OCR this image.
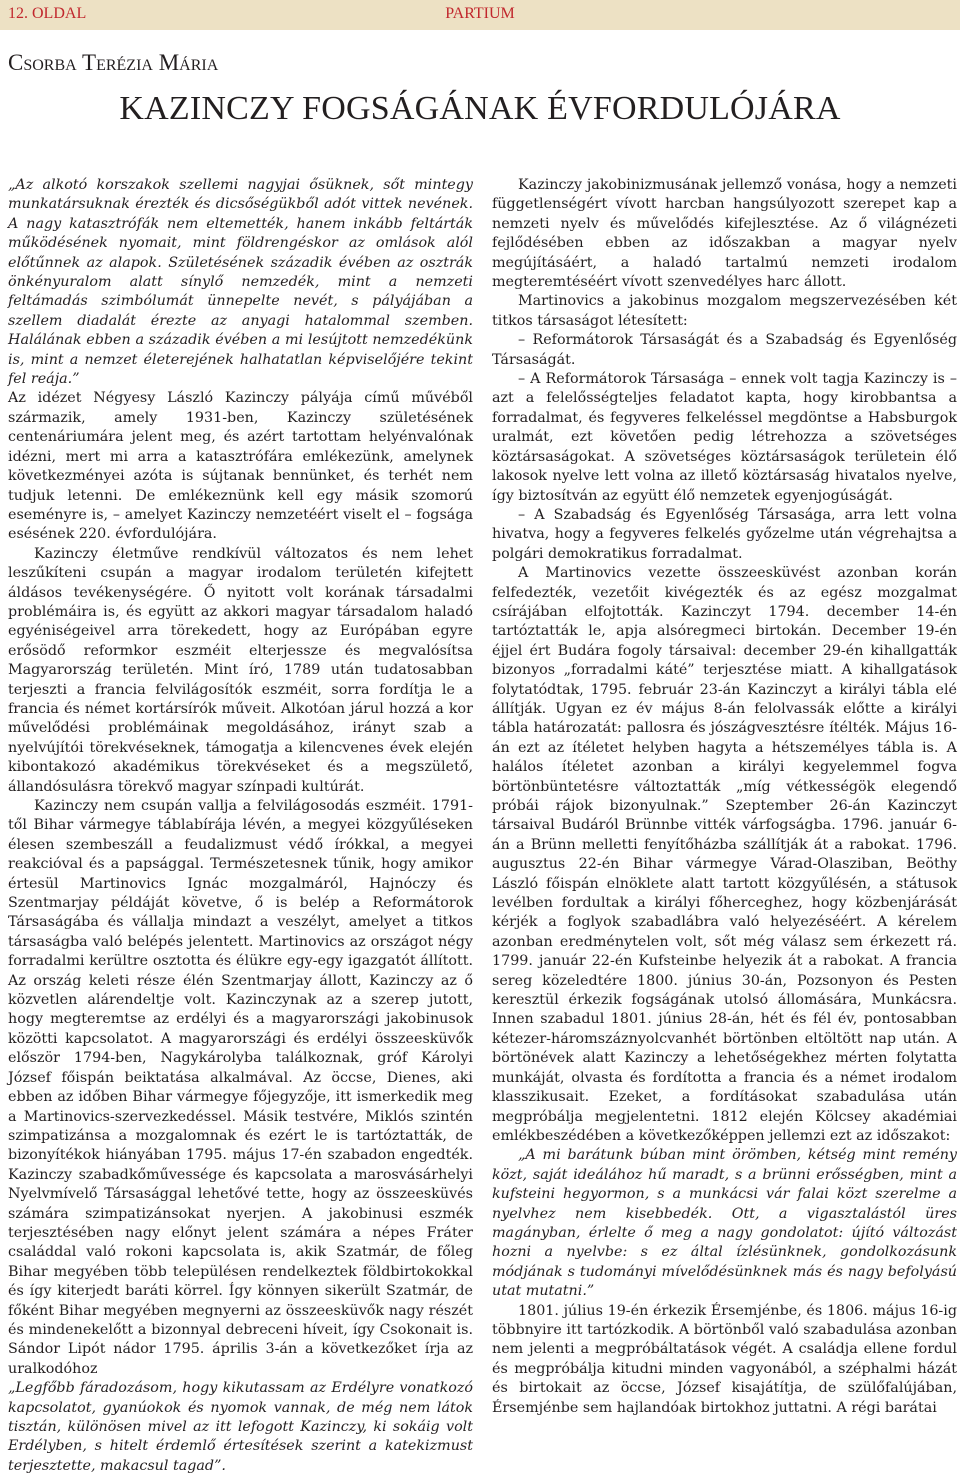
12. OLDAL	PARTIUM
Csorba Terézia Mária
KAZINCZY FOGSÁGÁNAK ÉVFORDULÓJÁRA

„Az alkotó korszakok szellemi nagyjai ősüknek, sőt mintegy munkatársuknak érezték és dicsőségükből adót vittek nevének. A nagy katasztrófák nem eltemették, hanem inkább feltárták működésének nyomait, mint földrengéskor az omlások alól előtűnnek az alapok. Születésének századik évében az osztrák önkényuralom alatt sínylő nemzedék, mint a nemzeti feltámadás szimbólumát ünnepelte nevét, s pályájában a szellem diadalát érezte az anyagi hatalommal szemben. Halálának ebben a századik évében a mi lesújtott nemzedékünk is, mint a nemzet életerejének halhatatlan képviselőjére tekint fel reája.”

Az idézet Négyesy László Kazinczy pályája című művéből származik, amely 1931-ben, Kazinczy születésének centenáriumára jelent meg, és azért tartottam helyénvalónak idézni, mert mi arra a katasztrófára emlékezünk, amelynek következményei azóta is sújtanak bennünket, és terhét nem tudjuk letenni. De emlékeznünk kell egy másik szomorú eseményre is, – amelyet Kazinczy nemzetéért viselt el – fogsága esésének 220. évfordulójára.

Kazinczy életműve rendkívül változatos és nem lehet leszűkíteni csupán a magyar irodalom területén kifejtett áldásos tevékenységére. Ő nyitott volt korának társadalmi problémáira is, és együtt az akkori magyar társadalom haladó egyéniségeivel arra törekedett, hogy az Európában egyre erősödő reformkor eszméit elterjessze és megvalósítsa Magyarország területén. Mint író, 1789 után tudatosabban terjeszti a francia felvilágosítók eszméit, sorra fordítja le a francia és német kortársírók műveit. Alkotóan járul hozzá a kor művelődési problémáinak megoldásához, irányt szab a nyelvújítói törekvéseknek, támogatja a kilencvenes évek elején kibontakozó akadémikus törekvéseket és a megszülető, állandósulásra törekvő magyar színpadi kultúrát.

Kazinczy nem csupán vallja a felvilágosodás eszméit. 1791-től Bihar vármegye táblabírája lévén, a megyei közgyűléseken élesen szembeszáll a feudalizmust védő írókkal, a megyei reakcióval és a papsággal. Természetesnek tűnik, hogy amikor értesül Martinovics Ignác mozgalmáról, Hajnóczy és Szentmarjay példáját követve, ő is belép a Reformátorok Társaságába és vállalja mindazt a veszélyt, amelyet a titkos társaságba való belépés jelentett. Martinovics az országot négy forradalmi kerültre osztotta és élükre egy-egy igazgatót állított. Az ország keleti része élén Szentmarjay állott, Kazinczy az ő közvetlen alárendeltje volt. Kazinczynak az a szerep jutott, hogy megteremtse az erdélyi és a magyarországi jakobinusok közötti kapcsolatot. A magyarországi és erdélyi összeesküvők először 1794-ben, Nagykárolyba találkoznak, gróf Károlyi József főispán beiktatása alkalmával. Az öccse, Dienes, aki ebben az időben Bihar vármegye főjegyzője, itt ismerkedik meg a Martinovics-szervezkedéssel. Másik testvére, Miklós szintén szimpatizánsa a mozgalomnak és ezért le is tartóztatták, de bizonyítékok hiányában 1795. május 17-én szabadon engedték. Kazinczy szabadkőművessége és kapcsolata a marosvásárhelyi Nyelvmívelő Társasággal lehetővé tette, hogy az összeesküvés számára szimpatizánsokat nyerjen. A jakobinusi eszmék terjesztésében nagy előnyt jelent számára a népes Fráter családdal való rokoni kapcsolata is, akik Szatmár, de főleg Bihar megyében több településen rendelkeztek földbirtokokkal és így kiterjedt baráti körrel. Így könnyen sikerült Szatmár, de főként Bihar megyében megnyerni az összeesküvők nagy részét és mindenekelőtt a bizonnyal debreceni híveit, így Csokonait is. Sándor Lipót nádor 1795. április 3-án a következőket írja az uralkodóhoz

„Legfőbb fáradozásom, hogy kikutassam az Erdélyre vonatkozó kapcsolatot, gyanúokok és nyomok vannak, de még nem látok tisztán, különösen mivel az itt lefogott Kazinczy, ki sokáig volt Erdélyben, s hitelt érdemlő értesítések szerint a katekizmust terjesztette, makacsul tagad”.

Kazinczy jakobinizmusának jellemző vonása, hogy a nemzeti függetlenségért vívott harcban hangsúlyozott szerepet kap a nemzeti nyelv és művelődés kifejlesztése. Az ő világnézeti fejlődésében ebben az időszakban a magyar nyelv megújításáért, a haladó tartalmú nemzeti irodalom megteremtéséért vívott szenvedélyes harc állott.

Martinovics a jakobinus mozgalom megszervezésében két titkos társaságot létesített:

– Reformátorok Társaságát és a Szabadság és Egyenlőség Társaságát.

– A Reformátorok Társasága – ennek volt tagja Kazinczy is – azt a felelősségteljes feladatot kapta, hogy kirobbantsa a forradalmat, és fegyveres felkeléssel megdöntse a Habsburgok uralmát, ezt követően pedig létrehozza a szövetséges köztársaságokat. A szövetséges köztársaságok területein élő lakosok nyelve lett volna az illető köztársaság hivatalos nyelve, így biztosítván az együtt élő nemzetek egyenjogúságát.

– A Szabadság és Egyenlőség Társasága, arra lett volna hivatva, hogy a fegyveres felkelés győzelme után végrehajtsa a polgári demokratikus forradalmat.

A Martinovics vezette összeesküvést azonban korán felfedezték, vezetőit kivégezték és az egész mozgalmat csírájában elfojtották. Kazinczyt 1794. december 14-én tartóztatták le, apja alsóregmeci birtokán. December 19-én éjjel ért Budára fogoly társaival: december 29-én kihallgatták bizonyos „forradalmi káté” terjesztése miatt. A kihallgatások folytatódtak, 1795. február 23-án Kazinczyt a királyi tábla elé állítják. Ugyan ez év május 8-án felolvassák előtte a királyi tábla határozatát: pallosra és jószágvesztésre ítélték. Május 16-án ezt az ítéletet helyben hagyta a hétszemélyes tábla is. A halálos ítéletet azonban a királyi kegyelemmel fogva börtönbüntetésre változtatták „míg vétkességök elegendő próbái rájok bizonyulnak.” Szeptember 26-án Kazinczyt társaival Budáról Brünnbe vitték várfogságba. 1796. január 6-án a Brünn melletti fenyítőházba szállítják át a rabokat. 1796. augusztus 22-én Bihar vármegye Várad-Olasziban, Beöthy László főispán elnöklete alatt tartott közgyűlésén, a státusok levélben fordultak a királyi főherceghez, hogy közbenjárását kérjék a foglyok szabadlábra való helyezéséért. A kérelem azonban eredménytelen volt, sőt még válasz sem érkezett rá. 1799. január 22-én Kufsteinbe helyezik át a rabokat. A francia sereg közeledtére 1800. június 30-án, Pozsonyon és Pesten keresztül érkezik fogságának utolsó állomására, Munkácsra. Innen szabadul 1801. június 28-án, hét és fél év, pontosabban kétezer-háromszáznyolcvanhét börtönben eltöltött nap után. A börtönévek alatt Kazinczy a lehetőségekhez mérten folytatta munkáját, olvasta és fordította a francia és a német irodalom klasszikusait. Ezeket, a fordításokat szabadulása után megpróbálja megjelentetni. 1812 elején Kölcsey akadémiai emlékbeszédében a következőképpen jellemzi ezt az időszakot:

„A mi barátunk búban mint örömben, kétség mint remény közt, saját ideálához hű maradt, s a brünni erősségben, mint a kufsteini hegyormon, s a munkácsi vár falai közt szerelme a nyelvhez nem kisebbedék. Ott, a vigasztalástól üres magányban, érlelte ő meg a nagy gondolatot: újító változást hozni a nyelvbe: s ez által ízlésünknek, gondolkozásunk módjának s tudományi mívelődésünknek más és nagy befolyású utat mutatni.”

1801. július 19-én érkezik Érsemjénbe, és 1806. május 16-ig többnyire itt tartózkodik. A börtönből való szabadulása azonban nem jelenti a megpróbáltatások végét. A családja ellene fordul és megpróbálja kitudni minden vagyonából, a széphalmi házát és birtokait az öccse, József kisajátítja, de szülőfalújában, Érsemjénbe sem hajlandóak birtokhoz juttatni. A régi barátai
